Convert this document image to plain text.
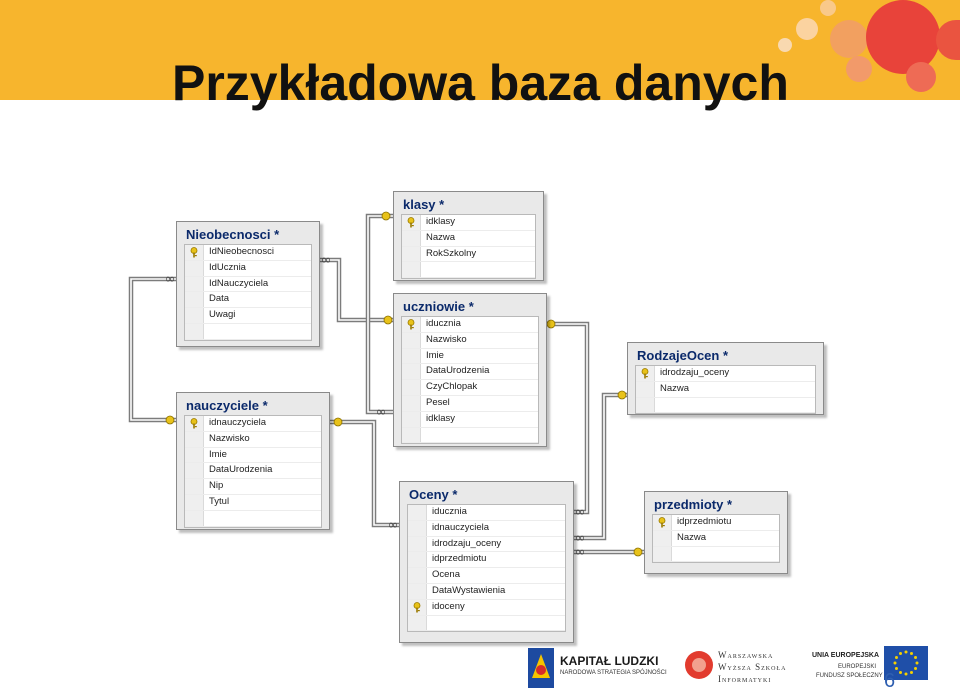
Przykładowa baza danych
∞
∞
∞
∞
∞
∞
∞
Nieobecnosci *
IdNieobecnosci
IdUcznia
IdNauczyciela
Data
Uwagi
klasy *
idklasy
Nazwa
RokSzkolny
uczniowie *
iducznia
Nazwisko
Imie
DataUrodzenia
CzyChlopak
Pesel
idklasy
RodzajeOcen *
idrodzaju_oceny
Nazwa
nauczyciele *
idnauczyciela
Nazwisko
Imie
DataUrodzenia
Nip
Tytul	Oceny *
iducznia
idnauczyciela
idrodzaju_oceny
idprzedmiotu
Ocena
DataWystawienia
idoceny
przedmioty *
idprzedmiotu
Nazwa
KAPITAŁ LUDZKI
NARODOWA STRATEGIA SPÓJNOŚCI
Warszawska
Wyższa Szkoła
Informatyki
UNIA EUROPEJSKA
EUROPEJSKI
FUNDUSZ SPOŁECZNY 6
